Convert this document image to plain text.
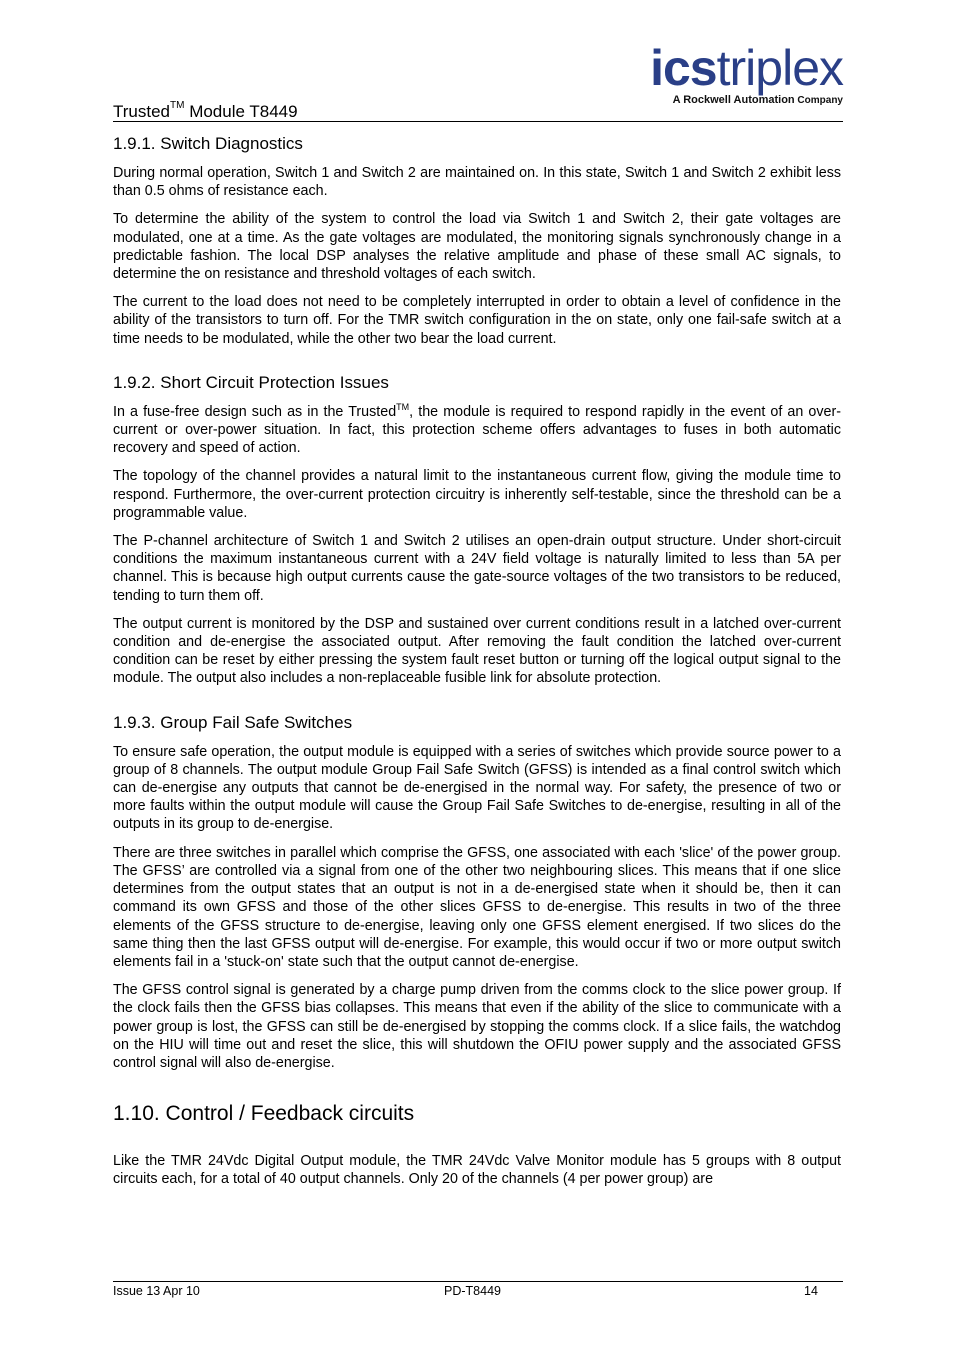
Trusted™ Module T8449
icstriplex
A Rockwell Automation Company
1.9.1. Switch Diagnostics

During normal operation, Switch 1 and Switch 2 are maintained on. In this state, Switch 1 and Switch 2 exhibit less than 0.5 ohms of resistance each.

To determine the ability of the system to control the load via Switch 1 and Switch 2, their gate voltages are modulated, one at a time. As the gate voltages are modulated, the monitoring signals synchronously change in a predictable fashion. The local DSP analyses the relative amplitude and phase of these small AC signals, to determine the on resistance and threshold voltages of each switch.

The current to the load does not need to be completely interrupted in order to obtain a level of confidence in the ability of the transistors to turn off. For the TMR switch configuration in the on state, only one fail-safe switch at a time needs to be modulated, while the other two bear the load current.

1.9.2. Short Circuit Protection Issues

In a fuse-free design such as in the Trusted™, the module is required to respond rapidly in the event of an over-current or over-power situation. In fact, this protection scheme offers advantages to fuses in both automatic recovery and speed of action.

The topology of the channel provides a natural limit to the instantaneous current flow, giving the module time to respond. Furthermore, the over-current protection circuitry is inherently self-testable, since the threshold can be a programmable value.

The P-channel architecture of Switch 1 and Switch 2 utilises an open-drain output structure. Under short-circuit conditions the maximum instantaneous current with a 24V field voltage is naturally limited to less than 5A per channel. This is because high output currents cause the gate-source voltages of the two transistors to be reduced, tending to turn them off.

The output current is monitored by the DSP and sustained over current conditions result in a latched over-current condition and de-energise the associated output. After removing the fault condition the latched over-current condition can be reset by either pressing the system fault reset button or turning off the logical output signal to the module. The output also includes a non-replaceable fusible link for absolute protection.

1.9.3. Group Fail Safe Switches

To ensure safe operation, the output module is equipped with a series of switches which provide source power to a group of 8 channels. The output module Group Fail Safe Switch (GFSS) is intended as a final control switch which can de-energise any outputs that cannot be de-energised in the normal way. For safety, the presence of two or more faults within the output module will cause the Group Fail Safe Switches to de-energise, resulting in all of the outputs in its group to de-energise.

There are three switches in parallel which comprise the GFSS, one associated with each 'slice' of the power group. The GFSS’ are controlled via a signal from one of the other two neighbouring slices. This means that if one slice determines from the output states that an output is not in a de-energised state when it should be, then it can command its own GFSS and those of the other slices GFSS to de-energise. This results in two of the three elements of the GFSS structure to de-energise, leaving only one GFSS element energised. If two slices do the same thing then the last GFSS output will de-energise. For example, this would occur if two or more output switch elements fail in a 'stuck-on' state such that the output cannot de-energise.

The GFSS control signal is generated by a charge pump driven from the comms clock to the slice power group. If the clock fails then the GFSS bias collapses. This means that even if the ability of the slice to communicate with a power group is lost, the GFSS can still be de-energised by stopping the comms clock. If a slice fails, the watchdog on the HIU will time out and reset the slice, this will shutdown the OFIU power supply and the associated GFSS control signal will also de-energise.

1.10. Control / Feedback circuits

Like the TMR 24Vdc Digital Output module, the TMR 24Vdc Valve Monitor module has 5 groups with 8 output circuits each, for a total of 40 output channels. Only 20 of the channels (4 per power group) are

Issue 13 Apr 10	PD-T8449	14
